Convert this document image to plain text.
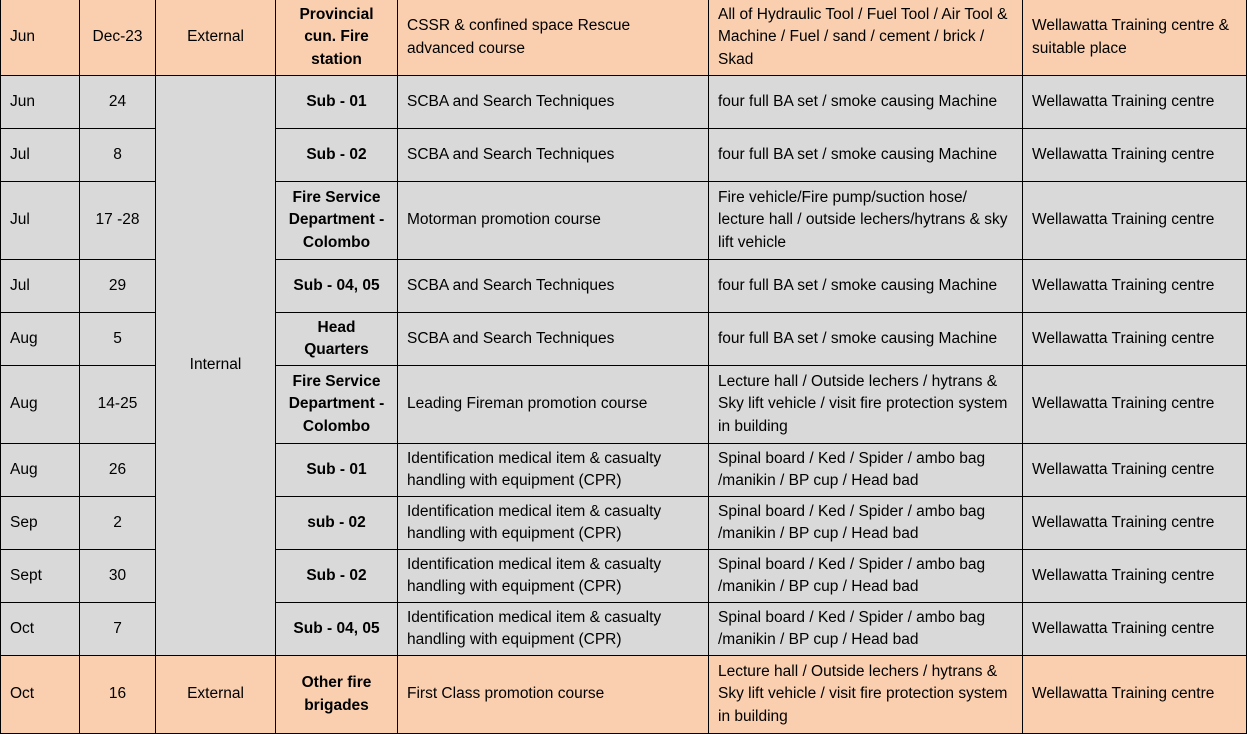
Jun	Dec-23	External	Provincial cun. Fire station	CSSR & confined space Rescue advanced course	All of Hydraulic Tool / Fuel Tool / Air Tool & Machine / Fuel / sand / cement / brick / Skad	Wellawatta Training centre & suitable place
Jun	24	Internal	Sub - 01	SCBA and Search Techniques	four full BA set / smoke causing Machine	Wellawatta Training centre
Jul	8		Sub - 02	SCBA and Search Techniques	four full BA set / smoke causing Machine	Wellawatta Training centre
Jul	17 -28		Fire Service Department - Colombo	Motorman promotion course	Fire vehicle/Fire pump/suction hose/ lecture hall / outside lechers/hytrans & sky lift vehicle	Wellawatta Training centre
Jul	29		Sub - 04, 05	SCBA and Search Techniques	four full BA set / smoke causing Machine	Wellawatta Training centre
Aug	5		Head Quarters	SCBA and Search Techniques	four full BA set / smoke causing Machine	Wellawatta Training centre
Aug	14-25		Fire Service Department - Colombo	Leading Fireman promotion course	Lecture hall / Outside lechers / hytrans & Sky lift vehicle / visit fire protection system in building	Wellawatta Training centre
Aug	26		Sub - 01	Identification medical item & casualty handling with equipment (CPR)	Spinal board / Ked / Spider / ambo bag /manikin / BP cup / Head bad	Wellawatta Training centre
Sep	2		sub - 02	Identification medical item & casualty handling with equipment (CPR)	Spinal board / Ked / Spider / ambo bag /manikin / BP cup / Head bad	Wellawatta Training centre
Sept	30		Sub - 02	Identification medical item & casualty handling with equipment (CPR)	Spinal board / Ked / Spider / ambo bag /manikin / BP cup / Head bad	Wellawatta Training centre
Oct	7		Sub - 04, 05	Identification medical item & casualty handling with equipment (CPR)	Spinal board / Ked / Spider / ambo bag /manikin / BP cup / Head bad	Wellawatta Training centre
Oct	16	External	Other fire brigades	First Class promotion course	Lecture hall / Outside lechers / hytrans & Sky lift vehicle / visit fire protection system in building	Wellawatta Training centre
